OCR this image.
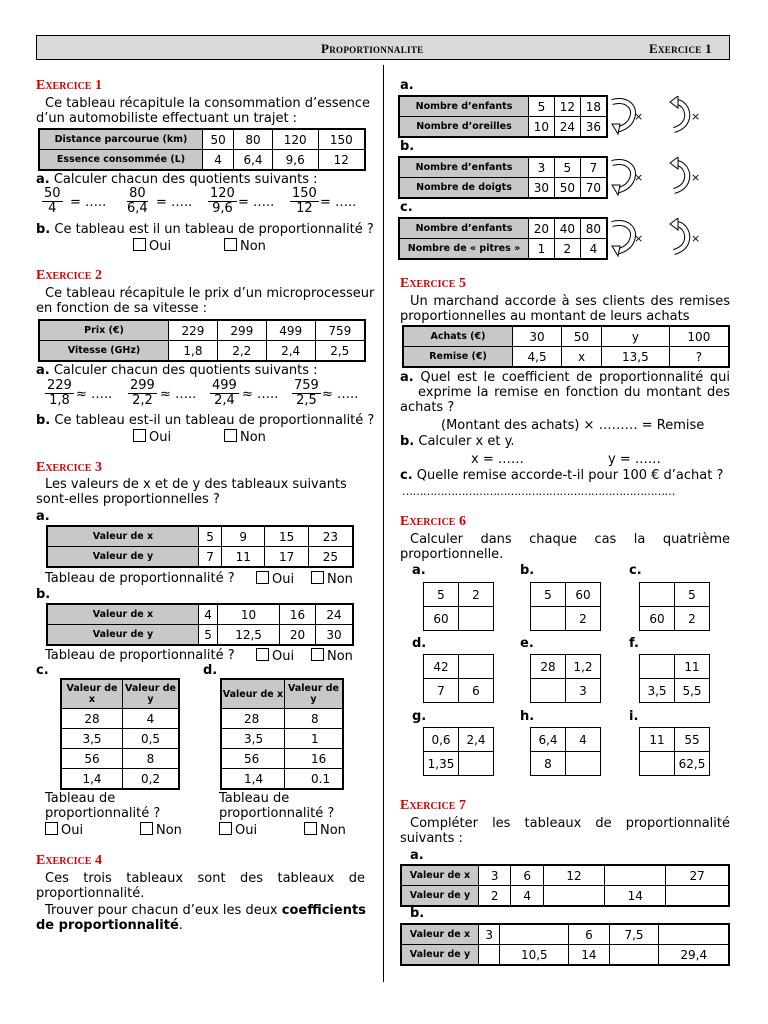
Proportionnalite	Exercice 1
Exercice 1
Ce tableau récapitule la consommation d’essence
d’un automobiliste effectuant un trajet :
Distance parcourue (km)	50	80	120	150
Essence consommée (L)	4	6,4	9,6	12
a. Calculer chacun des quotients suivants :
$\frac{50}{4}$ = ….. $\frac{80}{6,4}$ = ….. $\frac{120}{9,6}$ = ….. $\frac{150}{12}$ = …..
b. Ce tableau est il un tableau de proportionnalité ?
Oui	Non
Exercice 2
Ce tableau récapitule le prix d’un microprocesseur
en fonction de sa vitesse :
Prix (€)	229	299	499	759
Vitesse (GHz)	1,8	2,2	2,4	2,5
a. Calculer chacun des quotients suivants :
$\frac{229}{1,8}$ ≈ ….. $\frac{299}{2,2}$ ≈ ….. $\frac{499}{2,4}$ ≈ ….. $\frac{759}{2,5}$ ≈ …..
b. Ce tableau est-il un tableau de proportionnalité ?
Oui	Non
Exercice 3
Les valeurs de x et de y des tableaux suivants
sont-elles proportionnelles ?
a.
Valeur de x	5	9	15	23
Valeur de y	7	11	17	25
Tableau de proportionnalité ?	Oui	Non
b.
Valeur de x	4	10	16	24
Valeur de y	5	12,5	20	30
Tableau de proportionnalité ?	Oui	Non
c.
Valeur de x	Valeur de y
28	4
3,5	0,5
56	8
1,4	0,2
d.
Valeur de x	Valeur de y
28	8
3,5	1
56	16
1,4	0.1
Tableau de
proportionnalité ?
Oui	Non
Tableau de
proportionnalité ?
Oui	Non
Exercice 4
Ces trois tableaux sont des tableaux de
proportionnalité.
Trouver pour chacun d’eux les deux coefficients
de proportionnalité.
a.
Nombre d’enfants	5	12	18
Nombre d’oreilles	10	24	36
×	×
b.
Nombre d’enfants	3	5	7
Nombre de doigts	30	50	70
×	×
c.
Nombre d’enfants	20	40	80
Nombre de « pitres »	1	2	4
×	×
Exercice 5
Un marchand accorde à ses clients des remises
proportionnelles au montant de leurs achats
Achats (€)	30	50	y	100
Remise (€)	4,5	x	13,5	?
a. Quel est le coefficient de proportionnalité qui
exprime la remise en fonction du montant des
achats ?
(Montant des achats) × ……… = Remise
b. Calculer x et y.
x = ……	y = ……
c. Quelle remise accorde-t-il pour 100 € d’achat ?
……………………………………………………………………
Exercice 6
Calculer dans chaque cas la quatrième
proportionnelle.
a.
5	2
60	
b.
5	60
	2
c.
	5
60	2
d.
42	
7	6
e.
28	1,2
	3
f.
	11
3,5	5,5
g.
0,6	2,4
1,35	
h.
6,4	4
8	
i.
11	55
	62,5
Exercice 7
Compléter les tableaux de proportionnalité
suivants :
a.
Valeur de x	3	6	12		27
Valeur de y	2	4		14	
b.
Valeur de x	3		6	7,5	
Valeur de y		10,5	14		29,4
